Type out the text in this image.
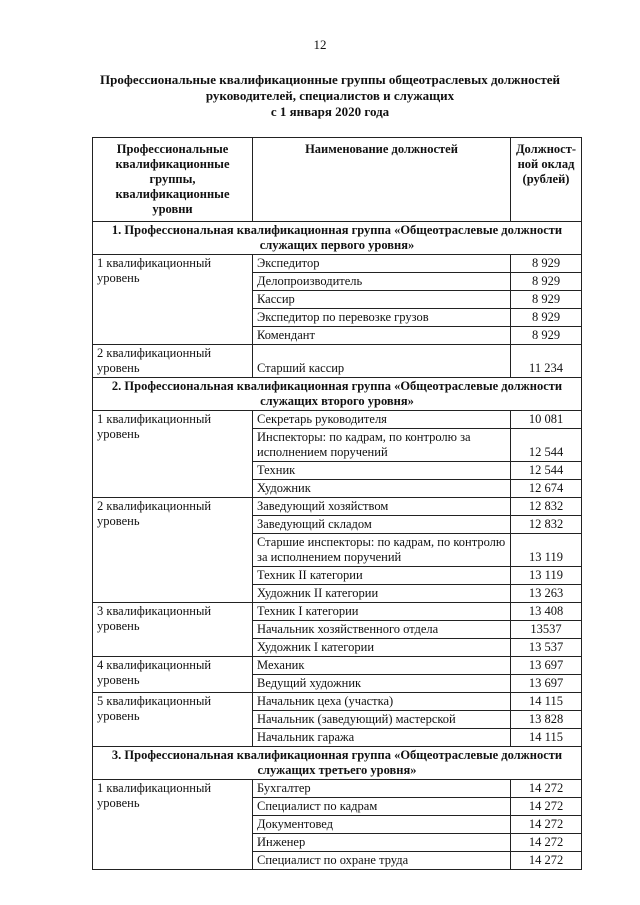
12
Профессиональные квалификационные группы общеотраслевых должностей
руководителей, специалистов и служащих
с 1 января 2020 года
Профессиональные квалификационные группы, квалификационные уровни	Наименование должностей	Должност-ной оклад (рублей)
1. Профессиональная квалификационная группа «Общеотраслевые должности служащих первого уровня»		
1 квалификационный уровень	Экспедитор	8 929
	Делопроизводитель	8 929
	Кассир	8 929
	Экспедитор по перевозке грузов	8 929
	Комендант	8 929
2 квалификационный уровень	Старший кассир	11 234
2. Профессиональная квалификационная группа «Общеотраслевые должности служащих второго уровня»		
1 квалификационный уровень	Секретарь руководителя	10 081
	Инспекторы: по кадрам, по контролю за исполнением поручений	12 544
	Техник	12 544
	Художник	12 674
2 квалификационный уровень	Заведующий хозяйством	12 832
	Заведующий складом	12 832
	Старшие инспекторы: по кадрам, по контролю за исполнением поручений	13 119
	Техник II категории	13 119
	Художник II категории	13 263
3 квалификационный уровень	Техник I категории	13 408
	Начальник хозяйственного отдела	13537
	Художник I категории	13 537
4 квалификационный уровень	Механик	13 697
	Ведущий художник	13 697
5 квалификационный уровень	Начальник цеха (участка)	14 115
	Начальник (заведующий) мастерской	13 828
	Начальник гаража	14 115
3. Профессиональная квалификационная группа «Общеотраслевые должности служащих третьего уровня»		
1 квалификационный уровень	Бухгалтер	14 272
	Специалист по кадрам	14 272
	Документовед	14 272
	Инженер	14 272
	Специалист по охране труда	14 272
